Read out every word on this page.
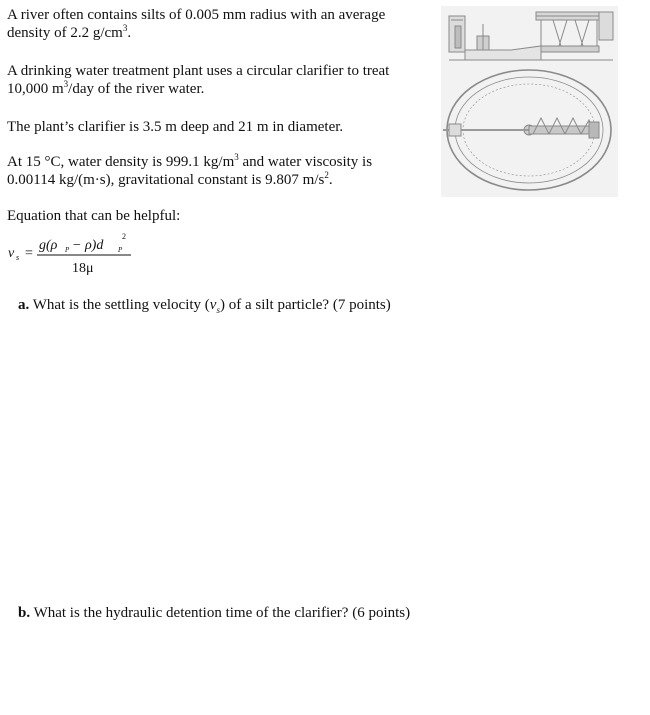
A river often contains silts of 0.005 mm radius with an average
density of 2.2 $g/cm^3$.
A drinking water treatment plant uses a circular clarifier to treat
10,000 $m^3$/day of the river water.
The plant’s clarifier is 3.5 m deep and 21 m in diameter.
At 15 °C, water density is 999.1 $kg/m^3$ and water viscosity is
0.00114 kg/(m·s), gravitational constant is 9.807 $m/s^2$.
Equation that can be helpful:
v s =
g(ρ P − ρ)d P
2
18μ
a. What is the settling velocity $(v_s)$ of a silt particle? (7 points)
b. What is the hydraulic detention time of the clarifier? (6 points)
